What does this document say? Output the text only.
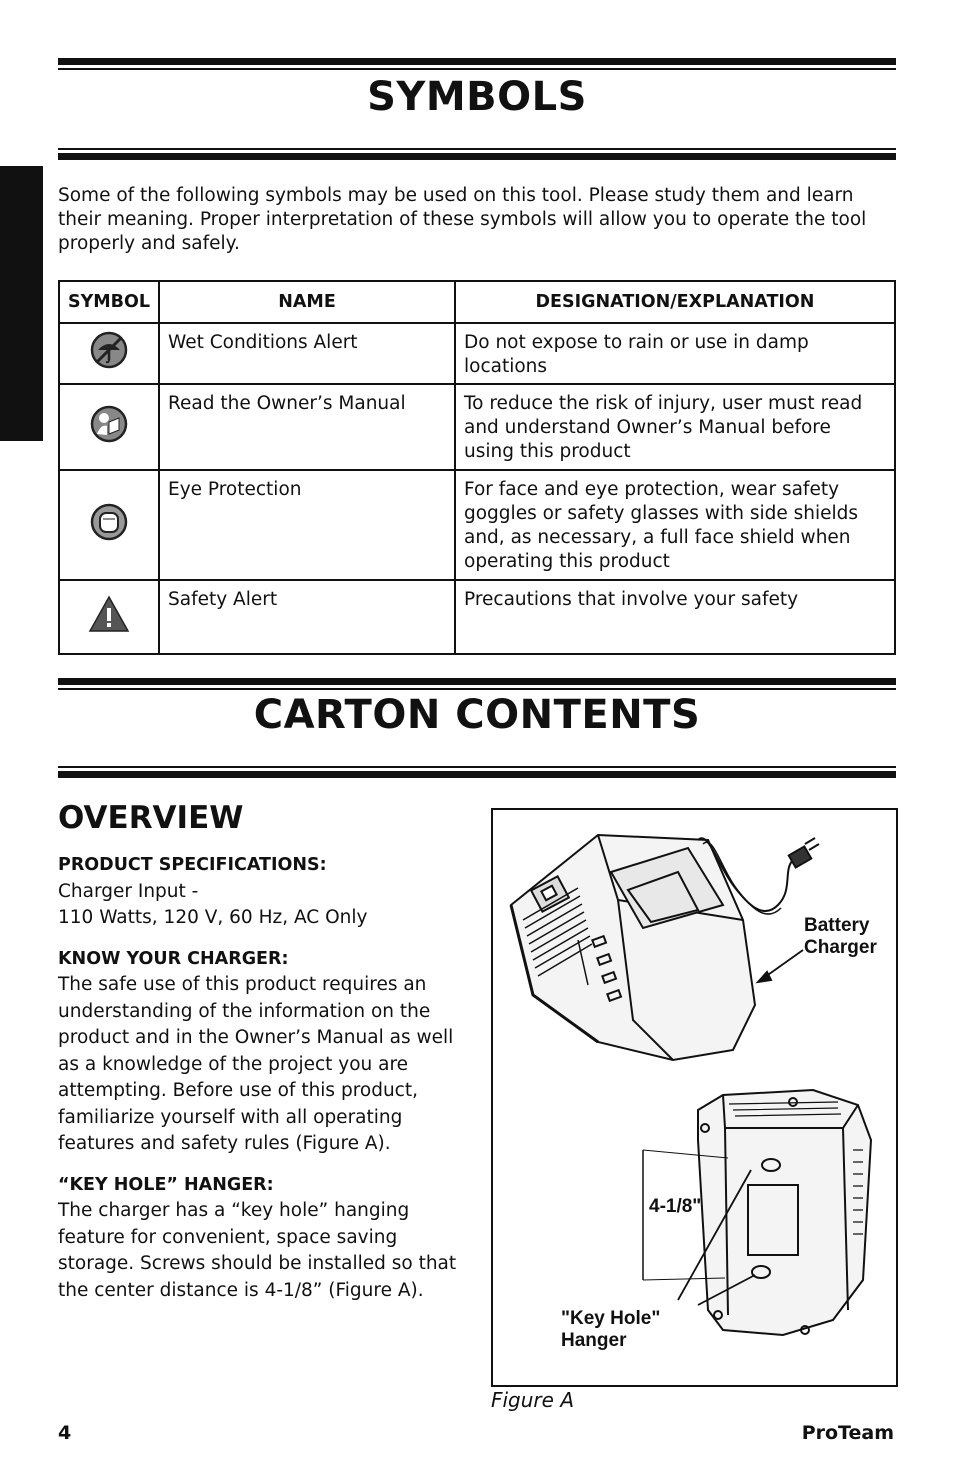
SYMBOLS

Some of the following symbols may be used on this tool. Please study them and learn their meaning. Proper interpretation of these symbols will allow you to operate the tool properly and safely.

SYMBOL	NAME	DESIGNATION/EXPLANATION
	Wet Conditions Alert	Do not expose to rain or use in damp locations
	Read the Owner’s Manual	To reduce the risk of injury, user must read and understand Owner’s Manual before using this product
	Eye Protection	For face and eye protection, wear safety goggles or safety glasses with side shields and, as necessary, a full face shield when operating this product
	Safety Alert	Precautions that involve your safety
CARTON CONTENTS
OVERVIEW

PRODUCT SPECIFICATIONS:
Charger Input -
110 Watts, 120 V, 60 Hz, AC Only

KNOW YOUR CHARGER:
The safe use of this product requires an understanding of the information on the product and in the Owner’s Manual as well as a knowledge of the project you are attempting. Before use of this product, familiarize yourself with all operating features and safety rules (Figure A).

“KEY HOLE” HANGER:
The charger has a “key hole” hanging feature for convenient, space saving storage. Screws should be installed so that the center distance is 4-1/8” (Figure A).

Battery
Charger
4-1/8"
"Key Hole"
Hanger
Figure A
4	ProTeam
